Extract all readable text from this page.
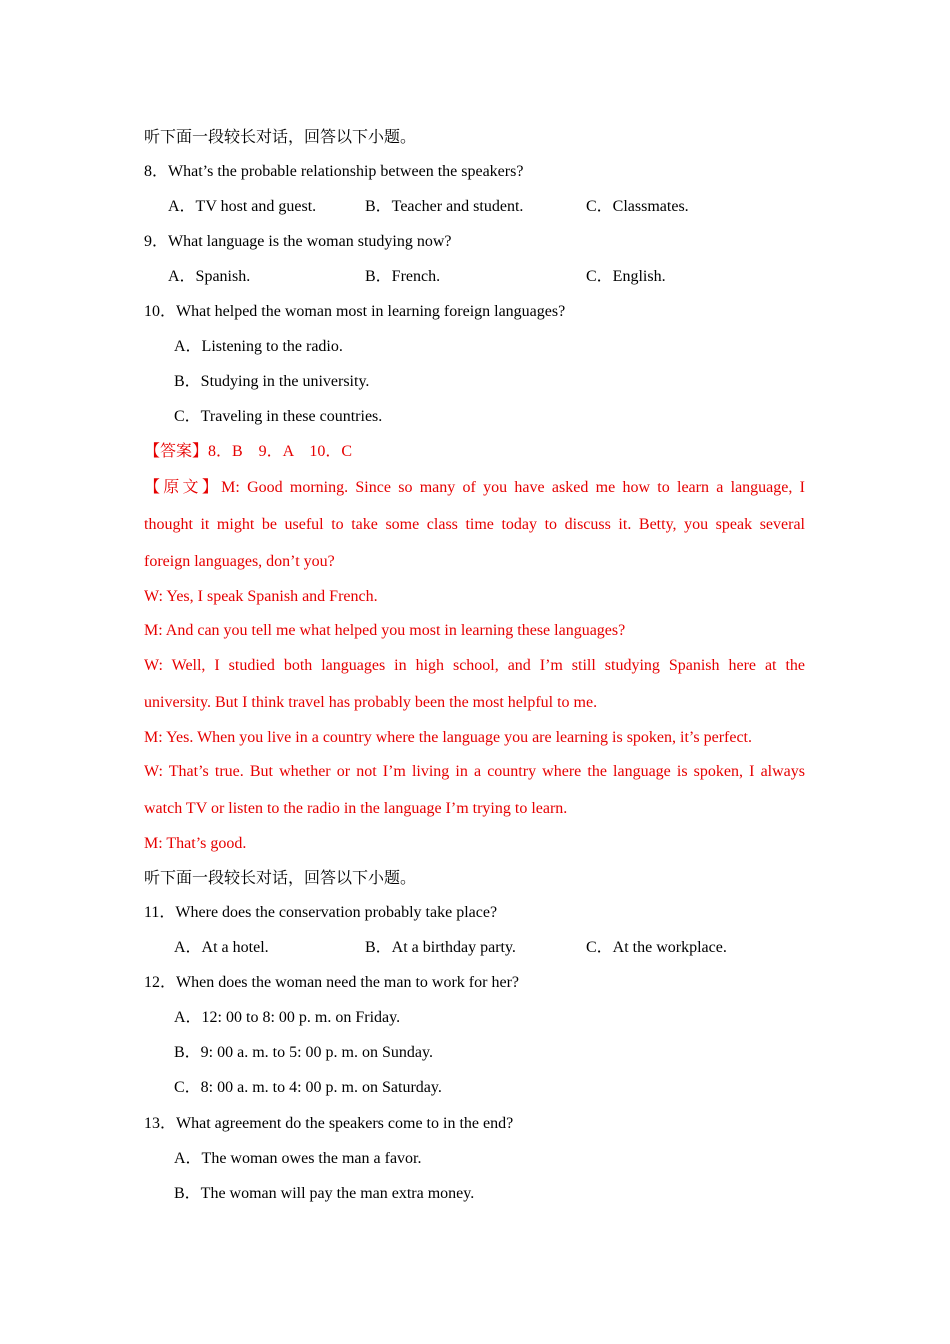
听下面一段较长对话，回答以下小题。
8．What’s the probable relationship between the speakers?
A．TV host and guest.	B．Teacher and student.	C．Classmates.
9．What language is the woman studying now?
A．Spanish.	B．French.	C．English.
10．What helped the woman most in learning foreign languages?
A．Listening to the radio.
B．Studying in the university.
C．Traveling in these countries.
【答案】8．B　9．A　10．C
【原文】M: Good morning. Since so many of you have asked me how to learn a language, I
thought it might be useful to take some class time today to discuss it. Betty, you speak several
foreign languages, don’t you?
W: Yes, I speak Spanish and French.
M: And can you tell me what helped you most in learning these languages?
W: Well, I studied both languages in high school, and I’m still studying Spanish here at the
university. But I think travel has probably been the most helpful to me.
M: Yes. When you live in a country where the language you are learning is spoken, it’s perfect.
W: That’s true. But whether or not I’m living in a country where the language is spoken, I always
watch TV or listen to the radio in the language I’m trying to learn.
M: That’s good.
听下面一段较长对话，回答以下小题。
11．Where does the conservation probably take place?
A．At a hotel.	B．At a birthday party.	C．At the workplace.
12．When does the woman need the man to work for her?
A．12: 00 to 8: 00 p. m. on Friday.
B．9: 00 a. m. to 5: 00 p. m. on Sunday.
C．8: 00 a. m. to 4: 00 p. m. on Saturday.
13．What agreement do the speakers come to in the end?
A．The woman owes the man a favor.
B．The woman will pay the man extra money.
